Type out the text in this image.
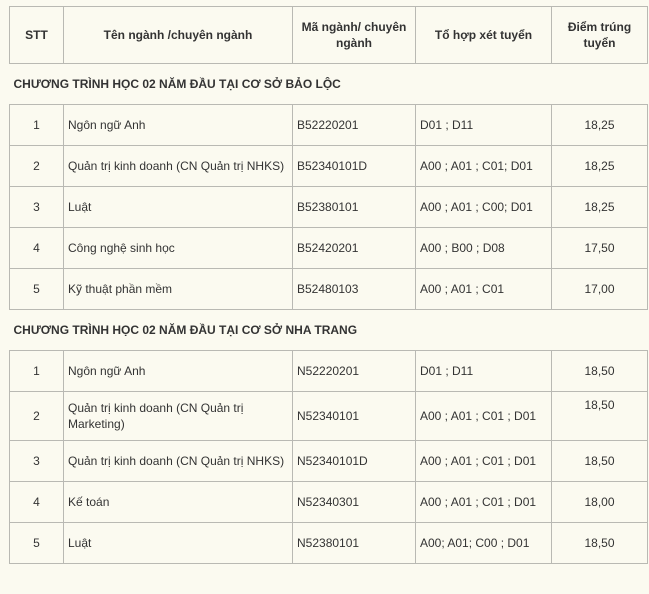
STT	Tên ngành /chuyên ngành	Mã ngành/ chuyên ngành	Tổ hợp xét tuyển	Điểm trúng tuyển
CHƯƠNG TRÌNH HỌC 02 NĂM ĐẦU TẠI CƠ SỞ BẢO LỘC				
1	Ngôn ngữ Anh	B52220201	D01 ; D11	18,25
2	Quản trị kinh doanh (CN Quản trị NHKS)	B52340101D	A00 ; A01 ; C01; D01	18,25
3	Luật	B52380101	A00 ; A01 ; C00; D01	18,25
4	Công nghệ sinh học	B52420201	A00 ; B00 ; D08	17,50
5	Kỹ thuật phần mềm	B52480103	A00 ; A01 ; C01	17,00
CHƯƠNG TRÌNH HỌC 02 NĂM ĐẦU TẠI CƠ SỞ NHA TRANG				
1	Ngôn ngữ Anh	N52220201	D01 ; D11	18,50
2	Quản trị kinh doanh (CN Quản trị Marketing)	N52340101	A00 ; A01 ; C01 ; D01	18,50
3	Quản trị kinh doanh (CN Quản trị NHKS)	N52340101D	A00 ; A01 ; C01 ; D01	18,50
4	Kế toán	N52340301	A00 ; A01 ; C01 ; D01	18,00
5	Luật	N52380101	A00; A01; C00 ; D01	18,50
